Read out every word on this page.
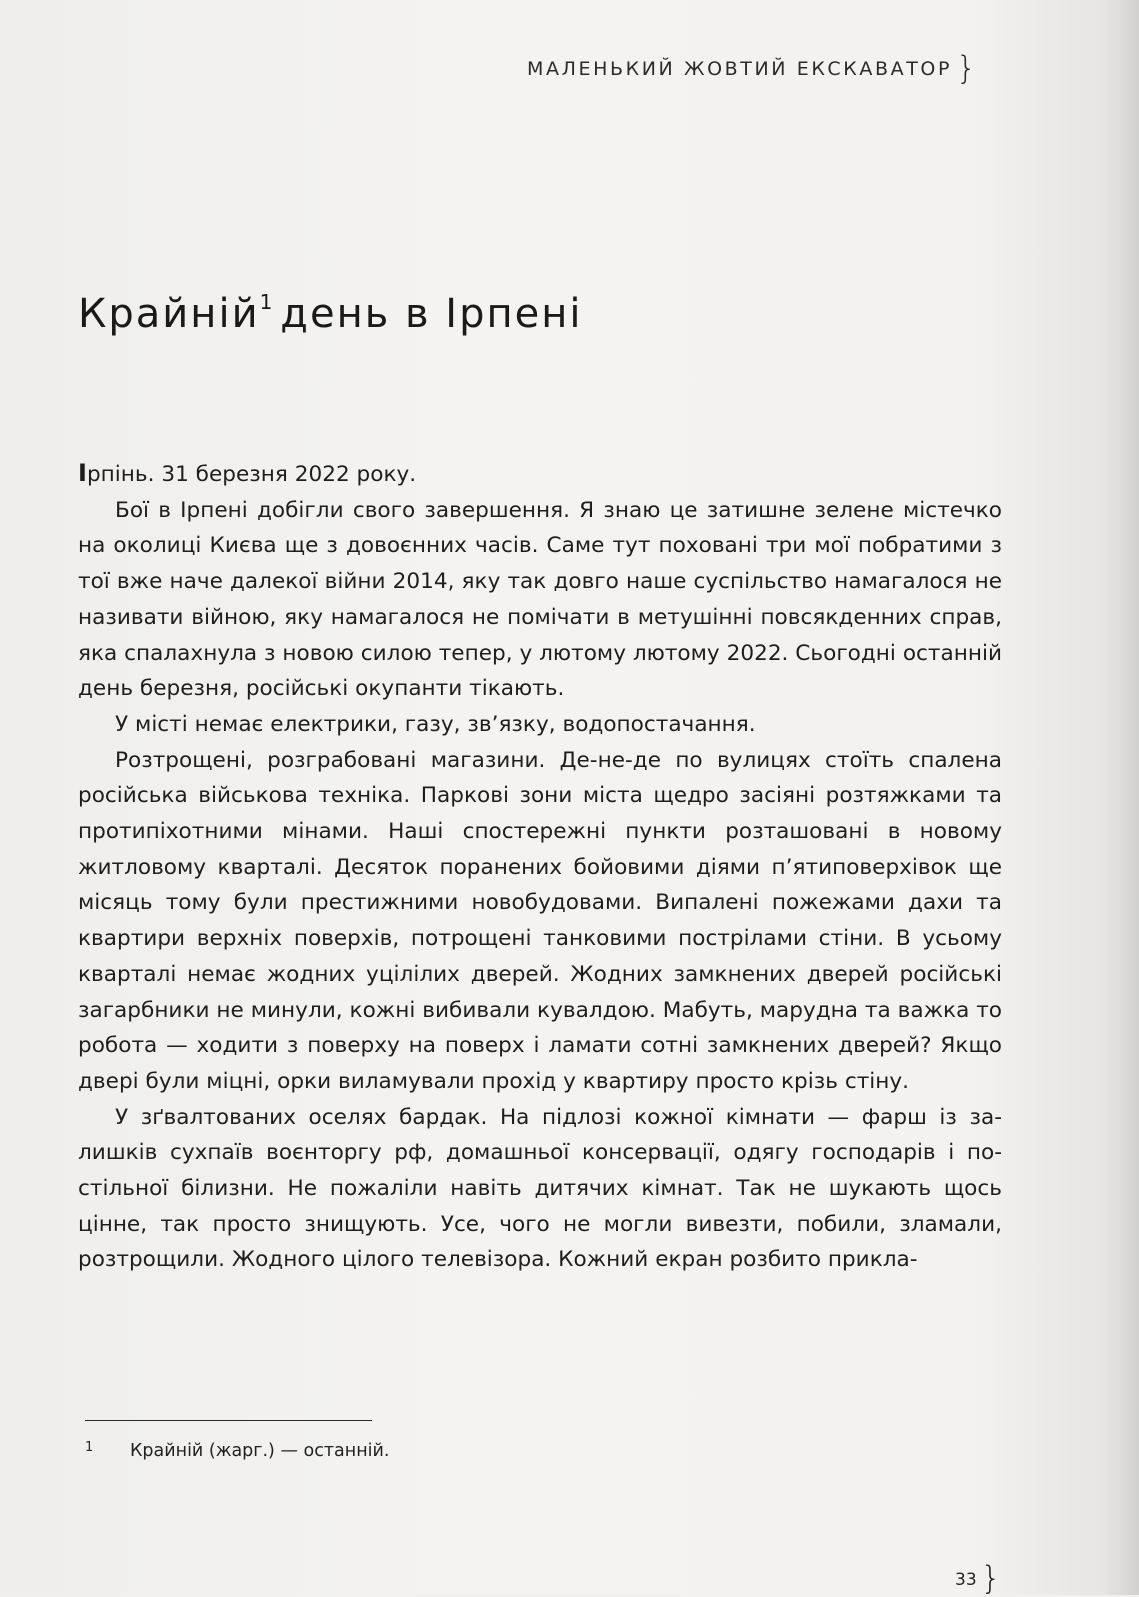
МАЛЕНЬКИЙ ЖОВТИЙ ЕКСКАВАТОР }
Крайній$^1$ день в Ірпені

Ірпінь. 31 березня 2022 року.

Бої в Ірпені добігли свого завершення. Я знаю це затишне зелене містечко на околиці Києва ще з довоєнних часів. Саме тут поховані три мої побратими з тої вже наче далекої війни 2014, яку так довго наше суспільство намагалося не називати війною, яку намагалося не помічати в метушінні повсякденних справ, яка спалахнула з новою силою тепер, у лютому лютому 2022. Сьогодні останній день березня, російські окупанти тікають.

У місті немає електрики, газу, зв’язку, водопостачання.

Розтрощені, розграбовані магазини. Де-не-де по вулицях стоїть спалена російська військова техніка. Паркові зони міста щедро засіяні розтяжками та протипіхотними мінами. Наші спостережні пункти розташовані в новому житловому кварталі. Десяток поранених бойовими діями п’ятиповерхівок ще місяць тому були престижними новобудовами. Випалені пожежами дахи та квартири верхніх поверхів, потрощені танковими пострілами стіни. В усьому кварталі немає жодних уцілілих дверей. Жодних замкнених дверей російські загарбники не минули, кожні вибивали кувалдою. Мабуть, марудна та важка то робота — ходити з поверху на поверх і ламати сотні замкнених дверей? Якщо двері були міцні, орки виламували прохід у квартиру просто крізь стіну.

У зґвалтованих оселях бардак. На підлозі кожної кімнати — фарш із залишків сухпаїв воєнторгу рф, домашньої консервації, одягу господарів і постільної білизни. Не пожаліли навіть дитячих кімнат. Так не шукають щось цінне, так просто знищують. Усе, чого не могли вивезти, побили, зламали, розтрощили. Жодного цілого телевізора. Кожний екран розбито прикла-

1 Крайній (жарг.) — останній.
33 }
